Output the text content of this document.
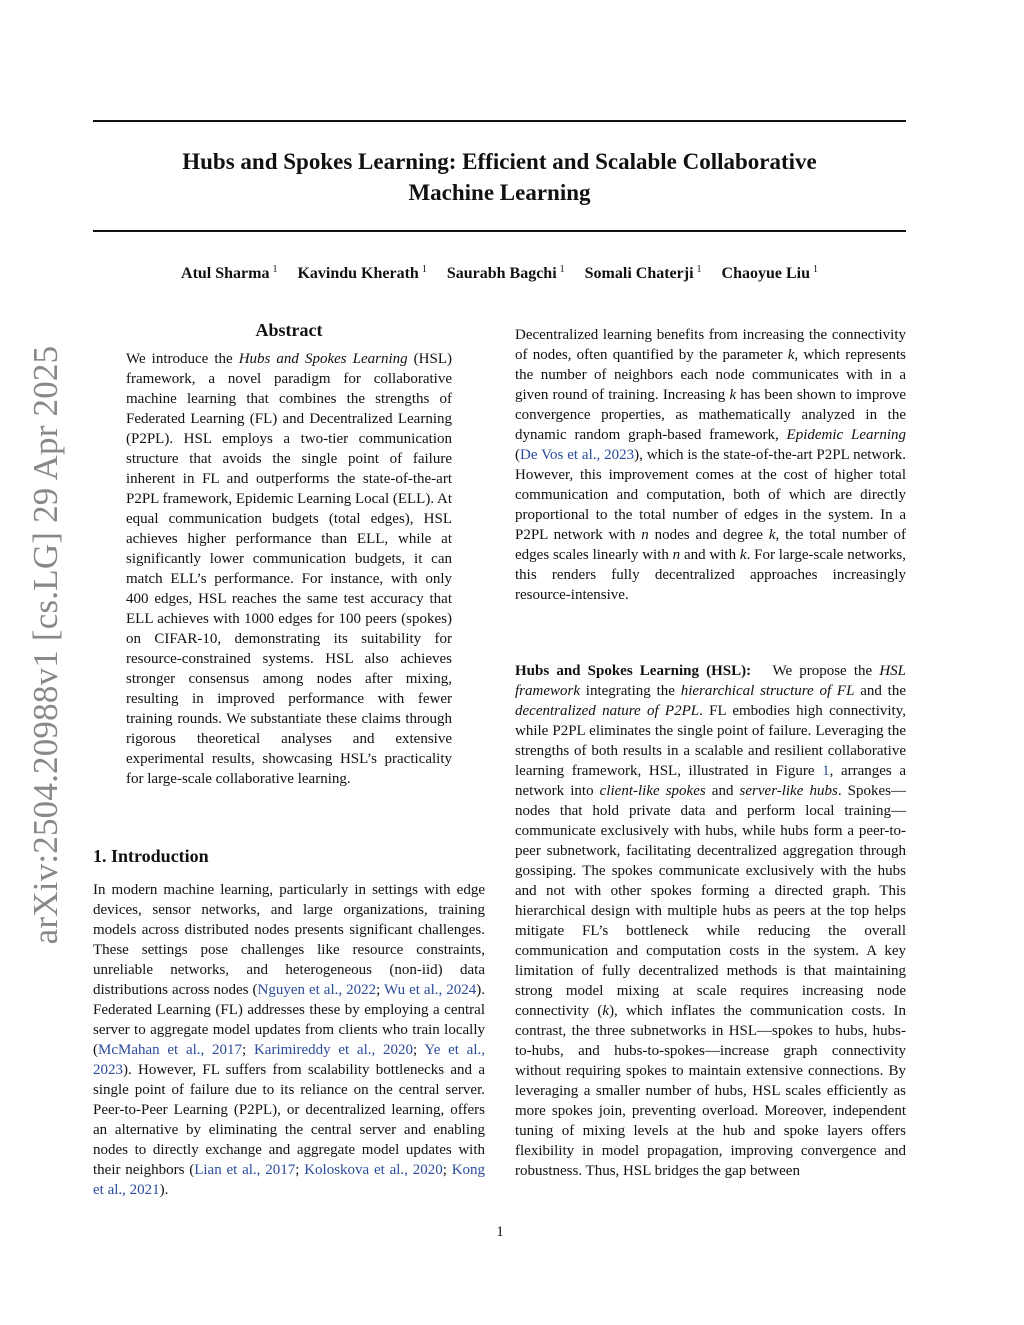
Hubs and Spokes Learning: Efficient and Scalable Collaborative
Machine Learning
Atul Sharma $^1$ Kavindu Kherath $^1$ Saurabh Bagchi $^1$ Somali Chaterji $^1$ Chaoyue Liu $^1$
arXiv:2504.20988v1 [cs.LG] 29 Apr 2025
Abstract

We introduce the Hubs and Spokes Learning (HSL) framework, a novel paradigm for collaborative machine learning that combines the strengths of Federated Learning (FL) and Decentralized Learning (P2PL). HSL employs a two-tier communication structure that avoids the single point of failure inherent in FL and outperforms the state-of-the-art P2PL framework, Epidemic Learning Local (ELL). At equal communication budgets (total edges), HSL achieves higher performance than ELL, while at significantly lower communication budgets, it can match ELL’s performance. For instance, with only 400 edges, HSL reaches the same test accuracy that ELL achieves with 1000 edges for 100 peers (spokes) on CIFAR-10, demonstrating its suitability for resource-constrained systems. HSL also achieves stronger consensus among nodes after mixing, resulting in improved performance with fewer training rounds. We substantiate these claims through rigorous theoretical analyses and extensive experimental results, showcasing HSL’s practicality for large-scale collaborative learning.

1. Introduction

In modern machine learning, particularly in settings with edge devices, sensor networks, and large organizations, training models across distributed nodes presents significant challenges. These settings pose challenges like resource constraints, unreliable networks, and heterogeneous (non-iid) data distributions across nodes (Nguyen et al., 2022; Wu et al., 2024). Federated Learning (FL) addresses these by employing a central server to aggregate model updates from clients who train locally (McMahan et al., 2017; Karimireddy et al., 2020; Ye et al., 2023). However, FL suffers from scalability bottlenecks and a single point of failure due to its reliance on the central server. Peer-to-Peer Learning (P2PL), or decentralized learning, offers an alternative by eliminating the central server and enabling nodes to directly exchange and aggregate model updates with their neighbors (Lian et al., 2017; Koloskova et al., 2020; Kong et al., 2021).

Decentralized learning benefits from increasing the connectivity of nodes, often quantified by the parameter k, which represents the number of neighbors each node communicates with in a given round of training. Increasing k has been shown to improve convergence properties, as mathematically analyzed in the dynamic random graph-based framework, Epidemic Learning (De Vos et al., 2023), which is the state-of-the-art P2PL network. However, this improvement comes at the cost of higher total communication and computation, both of which are directly proportional to the total number of edges in the system. In a P2PL network with n nodes and degree k, the total number of edges scales linearly with n and with k. For large-scale networks, this renders fully decentralized approaches increasingly resource-intensive.

Hubs and Spokes Learning (HSL): We propose the HSL framework integrating the hierarchical structure of FL and the decentralized nature of P2PL. FL embodies high connectivity, while P2PL eliminates the single point of failure. Leveraging the strengths of both results in a scalable and resilient collaborative learning framework, HSL, illustrated in Figure 1, arranges a network into client-like spokes and server-like hubs. Spokes—nodes that hold private data and perform local training—communicate exclusively with hubs, while hubs form a peer-to-peer subnetwork, facilitating decentralized aggregation through gossiping. The spokes communicate exclusively with the hubs and not with other spokes forming a directed graph. This hierarchical design with multiple hubs as peers at the top helps mitigate FL’s bottleneck while reducing the overall communication and computation costs in the system. A key limitation of fully decentralized methods is that maintaining strong model mixing at scale requires increasing node connectivity (k), which inflates the communication costs. In contrast, the three subnetworks in HSL—spokes to hubs, hubs-to-hubs, and hubs-to-spokes—increase graph connectivity without requiring spokes to maintain extensive connections. By leveraging a smaller number of hubs, HSL scales efficiently as more spokes join, preventing overload. Moreover, independent tuning of mixing levels at the hub and spoke layers offers flexibility in model propagation, improving convergence and robustness. Thus, HSL bridges the gap between

1
